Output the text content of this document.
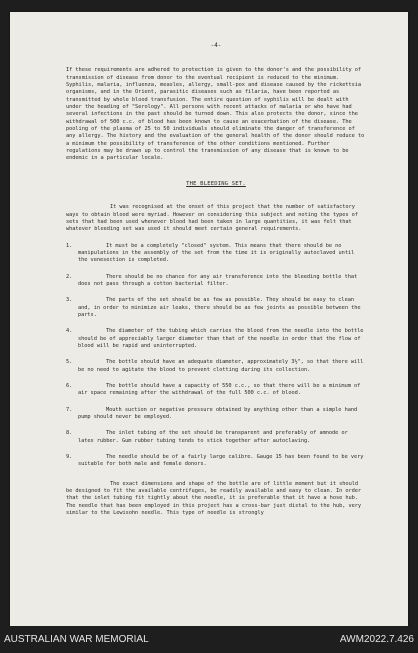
-4-

If these requirements are adhered to protection is given to the donor's and the possibility of transmission of disease from donor to the eventual recipient is reduced to the minimum. Syphilis, malaria, influenza, measles, allergy, small-pox and disease caused by the rickettsia organisms, and in the Orient, parasitic diseases such as filaria, have been reported as transmitted by whole blood transfusion. The entire question of syphilis will be dealt with under the heading of "Serology". All persons with recent attacks of malaria or who have had several infections in the past should be turned down. This also protects the donor, since the withdrawal of 500 c.c. of blood has been known to cause an exacerbation of the disease. The pooling of the plasma of 25 to 50 individuals should eliminate the danger of transference of any allergy. The history and the evaluation of the general health of the donor should reduce to a minimum the possibility of transference of the other conditions mentioned. Further regulations may be drawn up to control the transmission of any disease that is known to be endemic in a particular locale.

THE BLEEDING SET.

It was recognised at the onset of this project that the number of satisfactory ways to obtain blood were myriad. However on considering this subject and noting the types of sets that had been used whenever blood had been taken in large quantities, it was felt that whatever bleeding set was used it should meet certain general requirements.

1.	It must be a completely "closed" system. This means that there should be no manipulations in the assembly of the set from the time it is originally autoclaved until the venesection is completed.
2.	There should be no chance for any air transference into the bleeding bottle that does not pass through a cotton bacterial filter.
3.	The parts of the set should be as few as possible. They should be easy to clean and, in order to minimize air leaks, there should be as few joints as possible between the parts.
4.	The diameter of the tubing which carries the blood from the needle into the bottle should be of appreciably larger diameter than that of the needle in order that the flow of blood will be rapid and uninterrupted.
5.	The bottle should have an adequate diameter, approximately 3½", so that there will be no need to agitate the blood to prevent clotting during its collection.
6.	The bottle should have a capacity of 550 c.c., so that there will be a minimum of air space remaining after the withdrawal of the full 500 c.c. of blood.
7.	Mouth suction or negative pressure obtained by anything other than a simple hand pump should never be employed.
8.	The inlet tubing of the set should be transparent and preferably of amnode or latex rubber. Gum rubber tubing tends to stick together after autoclaving.
9.	The needle should be of a fairly large calibre. Gauge 15 has been found to be very suitable for both male and female donors.

The exact dimensions and shape of the bottle are of little moment but it should be designed to fit the available centrifuges, be readily available and easy to clean. In order that the inlet tubing fit tightly about the needle, it is preferable that it have a hose hub. The needle that has been employed in this project has a cross-bar just distal to the hub, very similar to the Lewisohn needle. This type of needle is strongly

AUSTRALIAN WAR MEMORIAL	AWM2022.7.426
